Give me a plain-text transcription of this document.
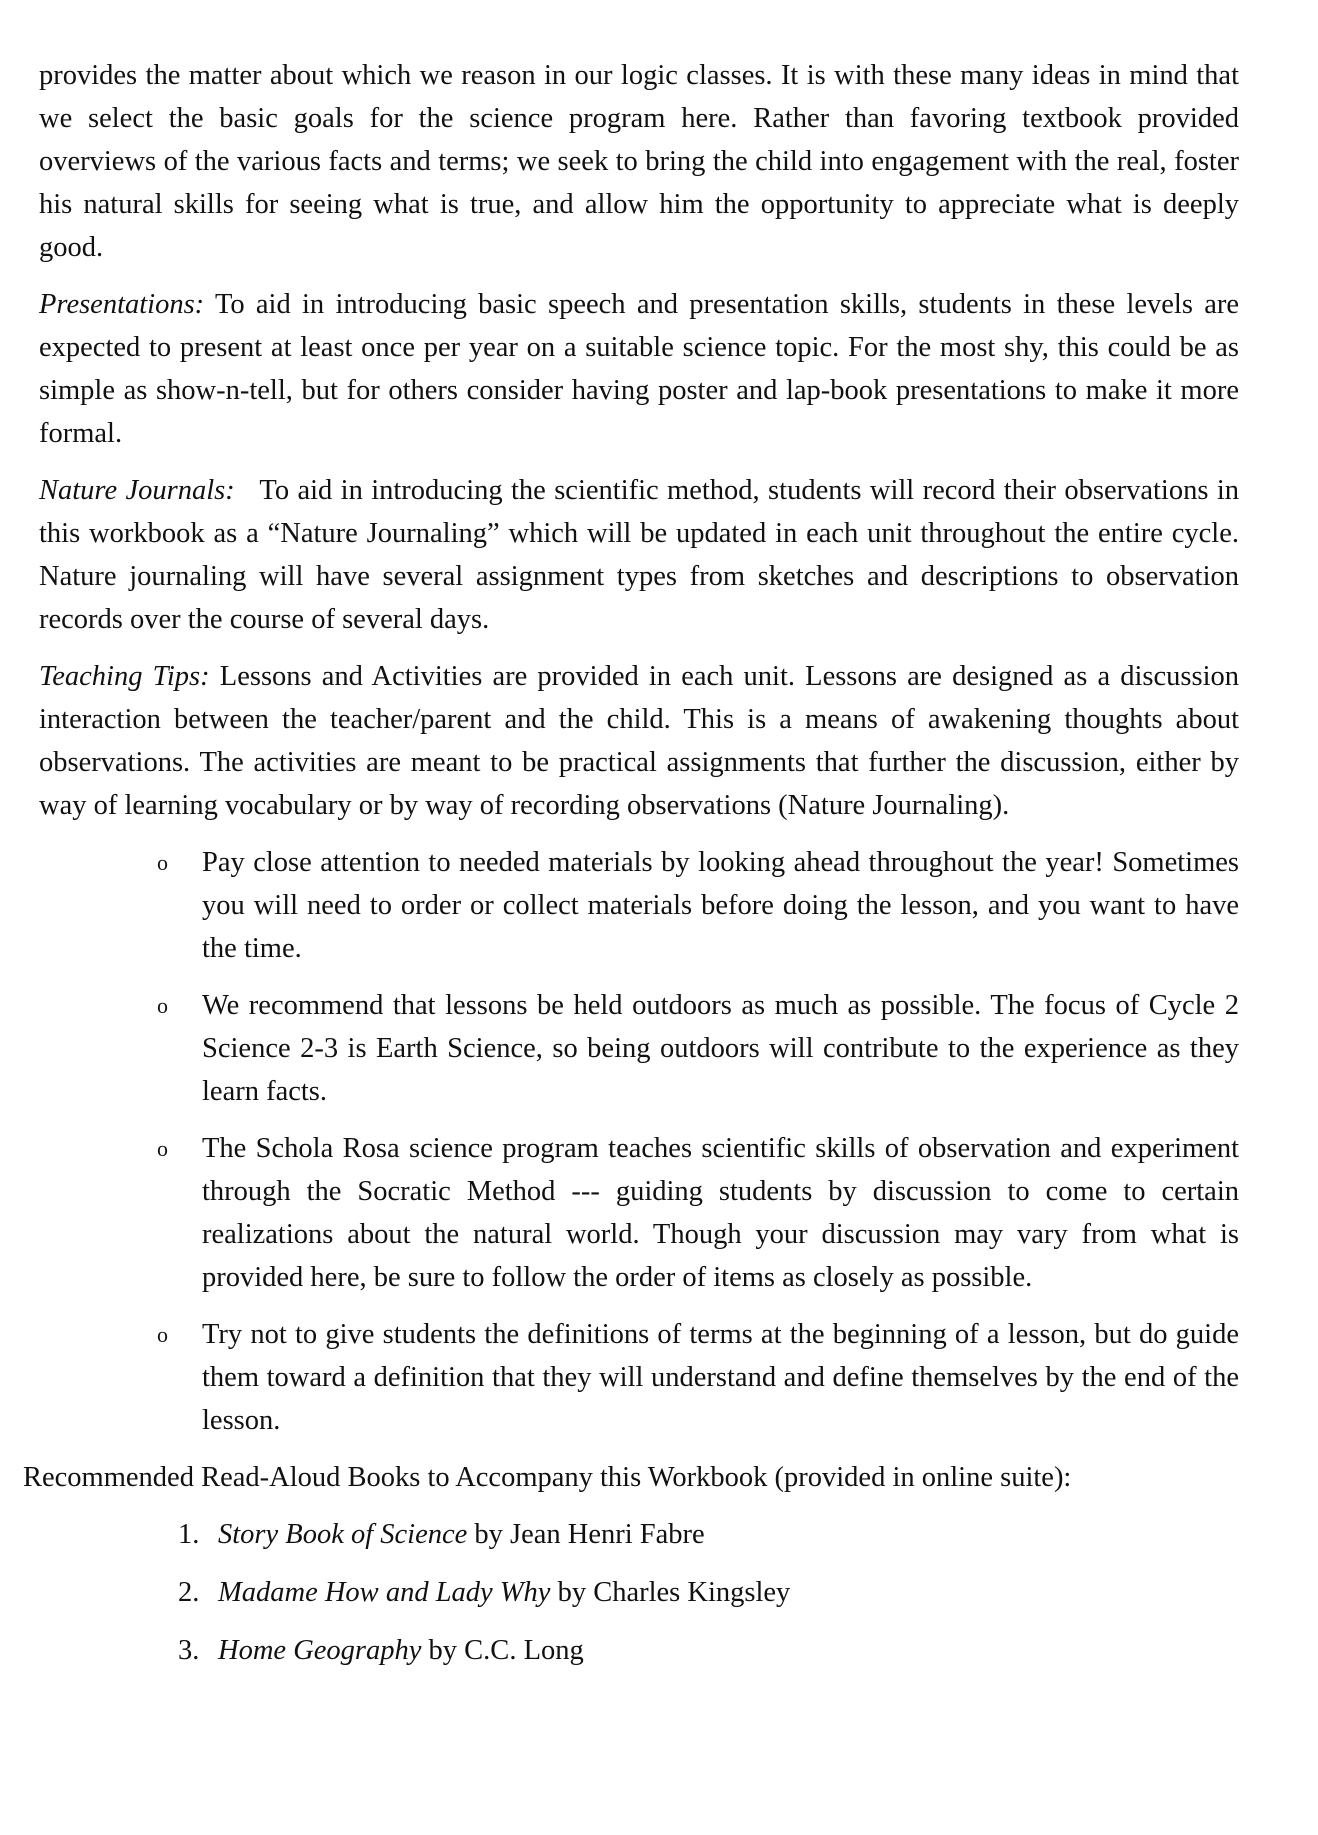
provides the matter about which we reason in our logic classes. It is with these many ideas in mind that we select the basic goals for the science program here. Rather than favoring textbook provided overviews of the various facts and terms; we seek to bring the child into engagement with the real, foster his natural skills for seeing what is true, and allow him the opportunity to appreciate what is deeply good.

Presentations: To aid in introducing basic speech and presentation skills, students in these levels are expected to present at least once per year on a suitable science topic. For the most shy, this could be as simple as show-n-tell, but for others consider having poster and lap-book presentations to make it more formal.

Nature Journals:   To aid in introducing the scientific method, students will record their observations in this workbook as a “Nature Journaling” which will be updated in each unit throughout the entire cycle. Nature journaling will have several assignment types from sketches and descriptions to observation records over the course of several days.

Teaching Tips: Lessons and Activities are provided in each unit. Lessons are designed as a discussion interaction between the teacher/parent and the child. This is a means of awakening thoughts about observations. The activities are meant to be practical assignments that further the discussion, either by way of learning vocabulary or by way of recording observations (Nature Journaling).

o Pay close attention to needed materials by looking ahead throughout the year! Sometimes you will need to order or collect materials before doing the lesson, and you want to have the time.
o We recommend that lessons be held outdoors as much as possible. The focus of Cycle 2 Science 2-3 is Earth Science, so being outdoors will contribute to the experience as they learn facts.
o The Schola Rosa science program teaches scientific skills of observation and experiment through the Socratic Method --- guiding students by discussion to come to certain realizations about the natural world. Though your discussion may vary from what is provided here, be sure to follow the order of items as closely as possible.
o Try not to give students the definitions of terms at the beginning of a lesson, but do guide them toward a definition that they will understand and define themselves by the end of the lesson.
Recommended Read-Aloud Books to Accompany this Workbook (provided in online suite):
1. Story Book of Science by Jean Henri Fabre
2. Madame How and Lady Why by Charles Kingsley
3. Home Geography by C.C. Long
